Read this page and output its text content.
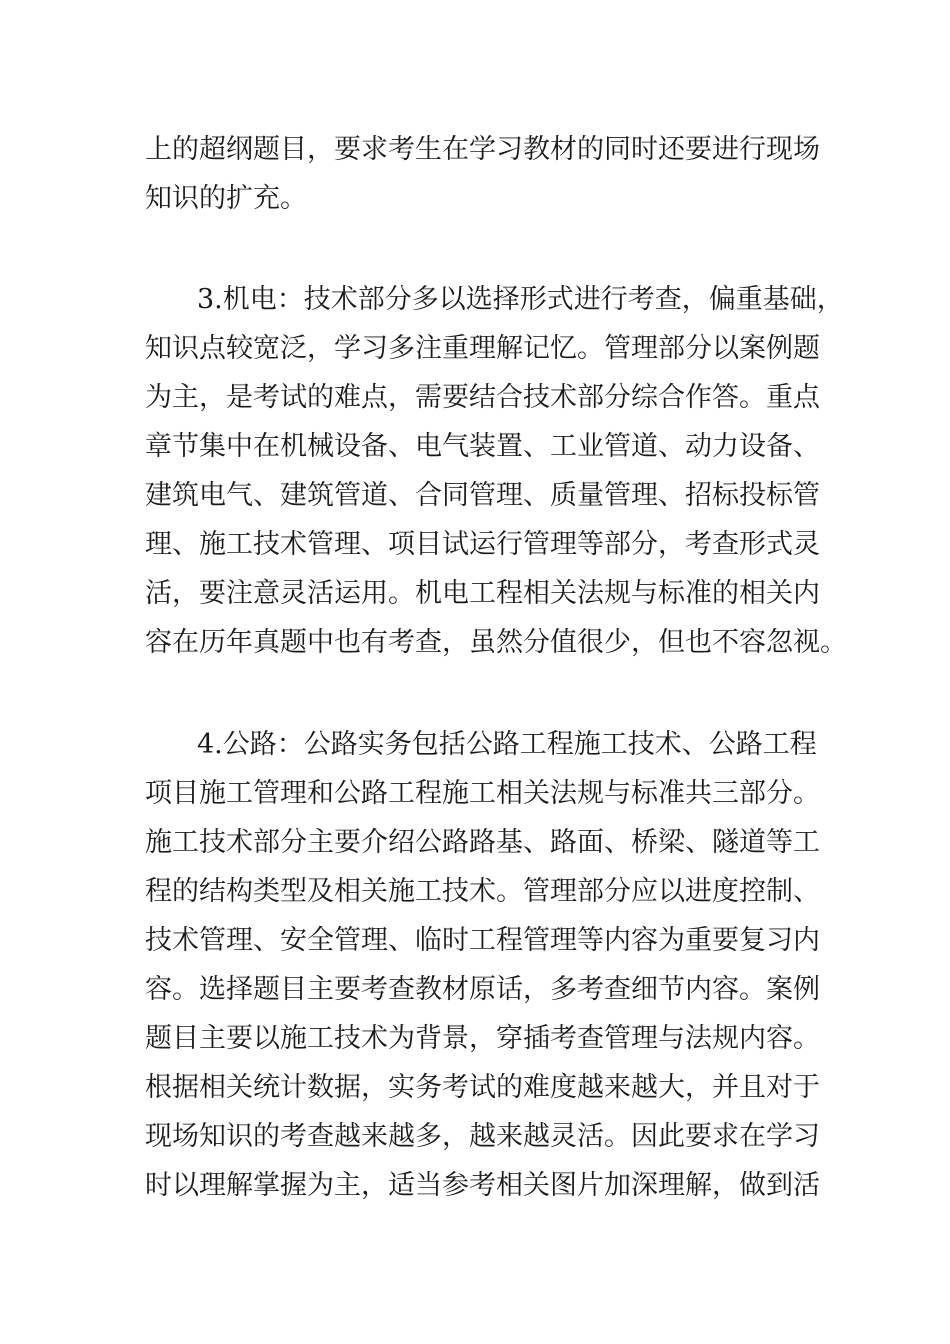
上的超纲题目，要求考生在学习教材的同时还要进行现场

知识的扩充。

3.机电：技术部分多以选择形式进行考查，偏重基础，

知识点较宽泛，学习多注重理解记忆。管理部分以案例题

为主，是考试的难点，需要结合技术部分综合作答。重点

章节集中在机械设备、电气装置、工业管道、动力设备、

建筑电气、建筑管道、合同管理、质量管理、招标投标管

理、施工技术管理、项目试运行管理等部分，考查形式灵

活，要注意灵活运用。机电工程相关法规与标准的相关内

容在历年真题中也有考查，虽然分值很少，但也不容忽视。

4.公路：公路实务包括公路工程施工技术、公路工程

项目施工管理和公路工程施工相关法规与标准共三部分。

施工技术部分主要介绍公路路基、路面、桥梁、隧道等工

程的结构类型及相关施工技术。管理部分应以进度控制、

技术管理、安全管理、临时工程管理等内容为重要复习内

容。选择题目主要考查教材原话，多考查细节内容。案例

题目主要以施工技术为背景，穿插考查管理与法规内容。

根据相关统计数据，实务考试的难度越来越大，并且对于

现场知识的考查越来越多，越来越灵活。因此要求在学习

时以理解掌握为主，适当参考相关图片加深理解，做到活
